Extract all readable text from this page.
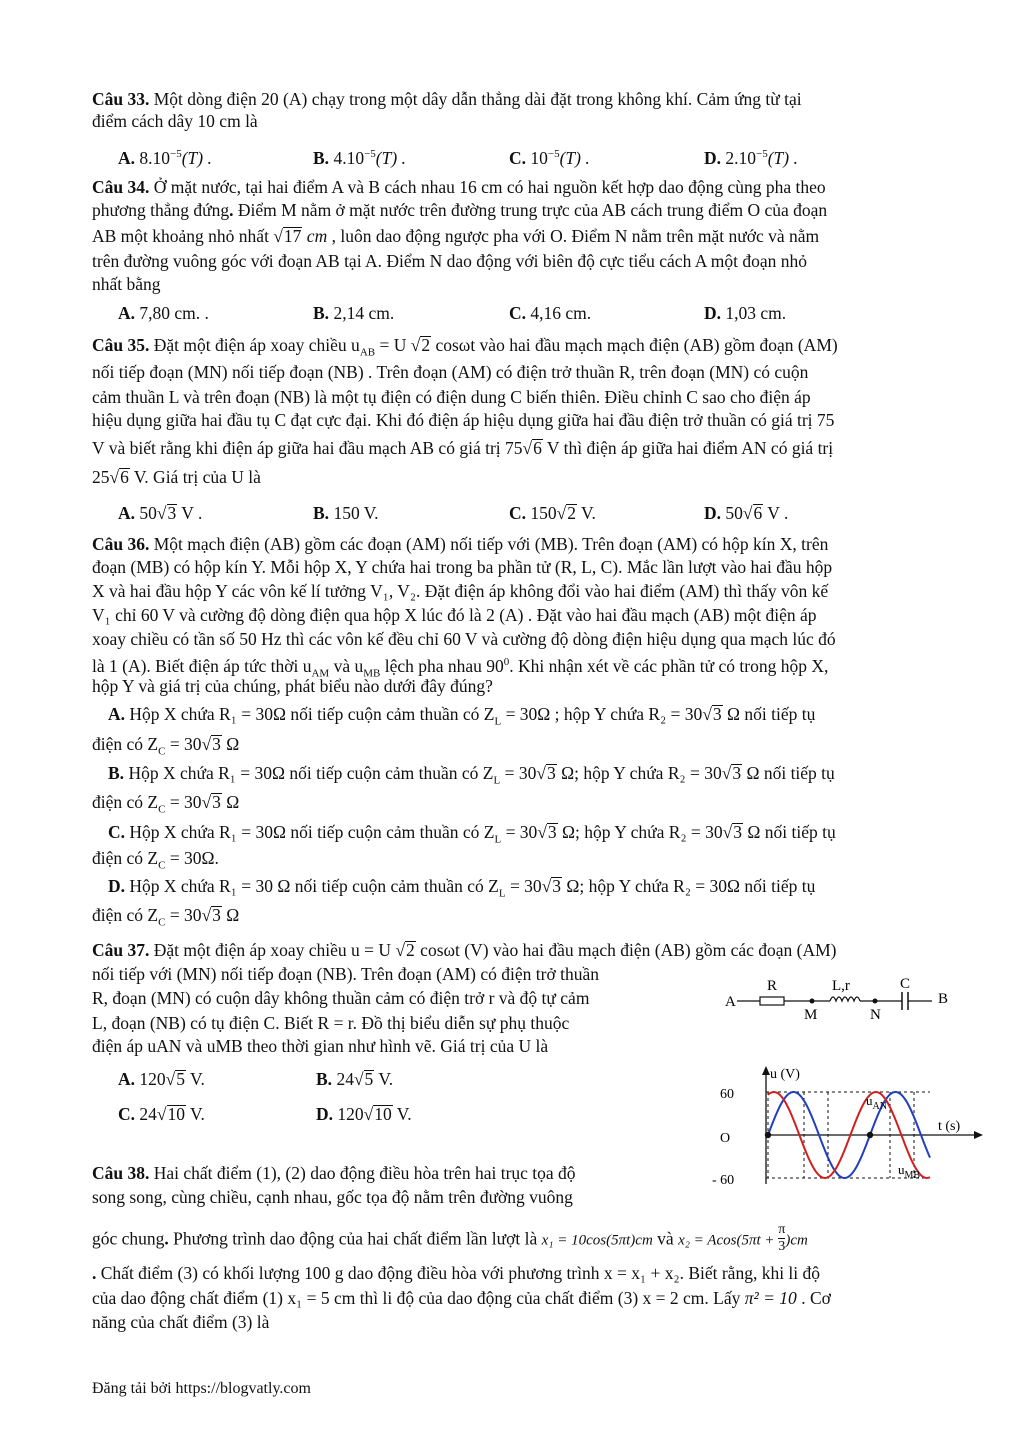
Câu 33. Một dòng điện 20 (A) chạy trong một dây dẫn thẳng dài đặt trong không khí. Cảm ứng từ tại
điểm cách dây 10 cm là
A. $8.10^{-5}(T)$ .	B. $4.10^{-5}(T)$ .	C. $10^{-5}(T)$ .	D. $2.10^{-5}(T)$ .
Câu 34. Ở mặt nước, tại hai điểm A và B cách nhau 16 cm có hai nguồn kết hợp dao động cùng pha theo
phương thẳng đứng. Điểm M nằm ở mặt nước trên đường trung trực của AB cách trung điểm O của đoạn
AB một khoảng nhỏ nhất √ 17 cm , luôn dao động ngược pha với O. Điểm N nằm trên mặt nước và nằm
trên đường vuông góc với đoạn AB tại A. Điểm N dao động với biên độ cực tiểu cách A một đoạn nhỏ
nhất bằng
A. 7,80 cm. .	B. 2,14 cm.	C. 4,16 cm.	D. 1,03 cm.
Câu 35. Đặt một điện áp xoay chiều $u_{AB} = U$ √ 2 cosωt vào hai đầu mạch mạch điện (AB) gồm đoạn (AM)
nối tiếp đoạn (MN) nối tiếp đoạn (NB) . Trên đoạn (AM) có điện trở thuần R, trên đoạn (MN) có cuộn
cảm thuần L và trên đoạn (NB) là một tụ điện có điện dung C biến thiên. Điều chỉnh C sao cho điện áp
hiệu dụng giữa hai đầu tụ C đạt cực đại. Khi đó điện áp hiệu dụng giữa hai đầu điện trở thuần có giá trị 75
V và biết rằng khi điện áp giữa hai đầu mạch AB có giá trị 75√ 6 V thì điện áp giữa hai điểm AN có giá trị
25√ 6 V. Giá trị của U là
A. 50√ 3 V .	B. 150 V.	C. 150√ 2 V.	D. 50√ 6 V .
Câu 36. Một mạch điện (AB) gồm các đoạn (AM) nối tiếp với (MB). Trên đoạn (AM) có hộp kín X, trên
đoạn (MB) có hộp kín Y. Mỗi hộp X, Y chứa hai trong ba phần tử (R, L, C). Mắc lần lượt vào hai đầu hộp
X và hai đầu hộp Y các vôn kế lí tưởng V₁, V₂. Đặt điện áp không đổi vào hai điểm (AM) thì thấy vôn kế
V₁ chỉ 60 V và cường độ dòng điện qua hộp X lúc đó là 2 (A) . Đặt vào hai đầu mạch (AB) một điện áp
xoay chiều có tần số 50 Hz thì các vôn kế đều chỉ 60 V và cường độ dòng điện hiệu dụng qua mạch lúc đó
là 1 (A). Biết điện áp tức thời $u_{AM}$ và $u_{MB}$ lệch pha nhau $90^0$. Khi nhận xét về các phần tử có trong hộp X,
hộp Y và giá trị của chúng, phát biểu nào dưới đây đúng?
A. Hộp X chứa R₁ = 30Ω nối tiếp cuộn cảm thuần có $Z_L = 30\Omega$ ; hộp Y chứa R₂ = 30√ 3 Ω nối tiếp tụ
điện có $Z_C = 30√$ 3 Ω
B. Hộp X chứa R₁ = 30Ω nối tiếp cuộn cảm thuần có $Z_L = 30√$ 3 Ω; hộp Y chứa R₂ = 30√ 3 Ω nối tiếp tụ
điện có $Z_C = 30√$ 3 Ω
C. Hộp X chứa R₁ = 30Ω nối tiếp cuộn cảm thuần có $Z_L = 30√$ 3 Ω; hộp Y chứa R₂ = 30√ 3 Ω nối tiếp tụ
điện có $Z_C = 30\Omega$.
D. Hộp X chứa R₁ = 30 Ω nối tiếp cuộn cảm thuần có $Z_L = 30√$ 3 Ω; hộp Y chứa R₂ = 30Ω nối tiếp tụ
điện có $Z_C = 30√$ 3 Ω
Câu 37. Đặt một điện áp xoay chiều u = U √ 2 cosωt (V) vào hai đầu mạch điện (AB) gồm các đoạn (AM)
nối tiếp với (MN) nối tiếp đoạn (NB). Trên đoạn (AM) có điện trở thuần
R, đoạn (MN) có cuộn dây không thuần cảm có điện trở r và độ tự cảm
L, đoạn (NB) có tụ điện C. Biết R = r. Đồ thị biểu diễn sự phụ thuộc
điện áp uAN và uMB theo thời gian như hình vẽ. Giá trị của U là
A. 120√ 5 V.	B. 24√ 5 V.
C. 24√ 10 V.	D. 120√ 10 V.
A
R
M
L,r
N
C
B
u (V)
t (s)
60
- 60
O
$u_{AN}$
$u_{MB}$
Câu 38. Hai chất điểm (1), (2) dao động điều hòa trên hai trục tọa độ
song song, cùng chiều, cạnh nhau, gốc tọa độ nằm trên đường vuông
góc chung. Phương trình dao động của hai chất điểm lần lượt là x₁ = 10cos(5πt)cm và $x_2 = Acos(5\pi t + \frac{\pi}{3} )cm$
. Chất điểm (3) có khối lượng 100 g dao động điều hòa với phương trình x = x₁ + x₂. Biết rằng, khi li độ
của dao động chất điểm (1) x₁ = 5 cm thì li độ của dao động của chất điểm (3) x = 2 cm. Lấy π² = 10 . Cơ
năng của chất điểm (3) là
Đăng tải bởi https://blogvatly.com
